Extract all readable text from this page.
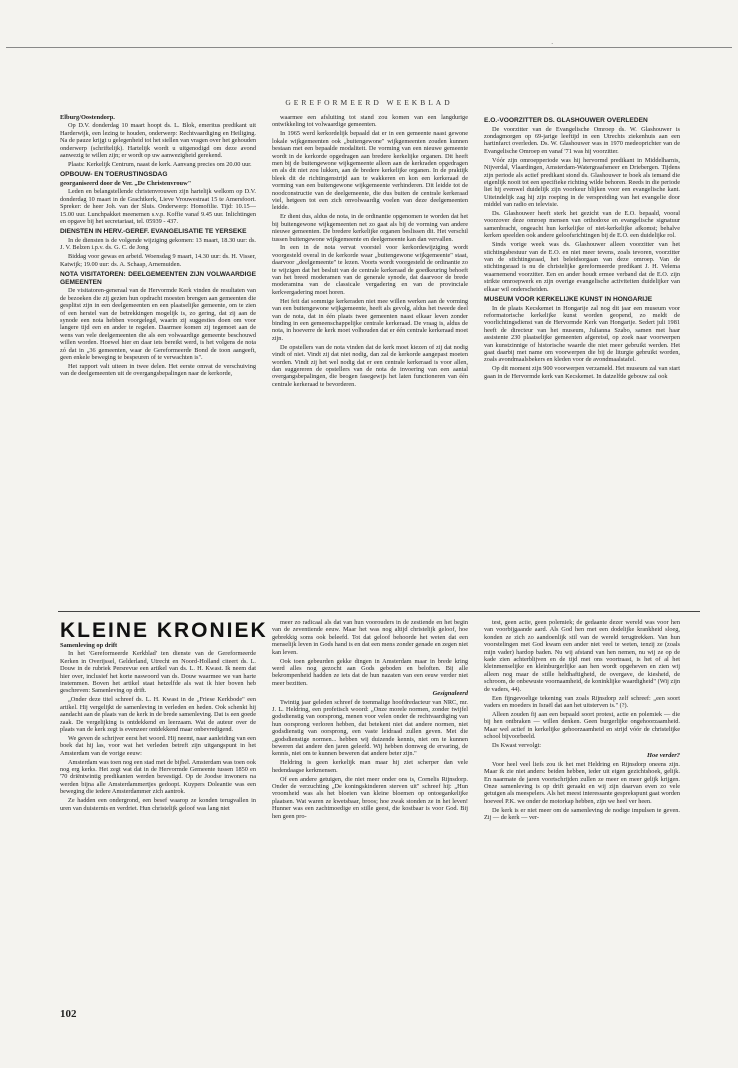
·
GEREFORMEERD WEEKBLAD
Elburg/Oostendorp.

Op D.V. donderdag 10 maart hoopt ds. L. Blok, emeritus predikant uit Harderwijk, een lezing te houden, onderwerp: Rechtvaardiging en Heiliging. Na de pauze krijgt u gelegenheid tot het stellen van vragen over het gehouden onderwerp (schriftelijk). Hartelijk wordt u uitgenodigd om deze avond aanwezig te willen zijn; er wordt op uw aanwezigheid gerekend.

Plaats: Kerkelijk Centrum, naast de kerk. Aanvang precies om 20.00 uur.

OPBOUW- EN TOERUSTINGSDAG
georganiseerd door de Ver. „De Christenvrouw"

Leden en belangstellende christenvrouwen zijn hartelijk welkom op D.V. donderdag 10 maart in de Grachtkerk, Lieve Vrouwestraat 15 te Amersfoort. Spreker: de heer Joh. van der Sluis. Onderwerp: Homofilie. Tijd: 10.15—15.00 uur. Lunchpakket meenemen s.v.p. Koffie vanaf 9.45 uur. Inlichtingen en opgave bij het secretariaat, tel. 05939 - 437.

DIENSTEN IN HERV.-GEREF. EVANGELISATIE TE YERSEKE

In de diensten is de volgende wijziging gekomen: 13 maart, 18.30 uur: ds. J. V. Belzen i.p.v. ds. G. C. de Jong

Biddag voor gewas en arbeid. Woensdag 9 maart, 14.30 uur: ds. H. Visser, Katwijk; 19.00 uur: ds. A. Schaap, Arnemuiden.

NOTA VISITATOREN: DEELGEMEENTEN ZIJN VOLWAARDIGE GEMEENTEN

De visitatoren-generaal van de Hervormde Kerk vinden de resultaten van de bezoeken die zij gezien hun opdracht moesten brengen aan gemeenten die gesplitst zijn in een deelgemeenten en een plaatselijke gemeente, om te zien of een herstel van de betrekkingen mogelijk is, zo gering, dat zij aan de synode een nota hebben voorgelegd, waarin zij suggesties doen om voor langere tijd een en ander te regelen. Daarmee komen zij tegemoet aan de wens van vele deelgemeenten die als een volwaardige gemeente beschouwd willen worden. Hoewel hier en daar iets bereikt werd, is het volgens de nota zó dat in „36 gemeenten, waar de Gereformeerde Bond de toon aangeeft, geen enkele beweging te bespeuren of te verwachten is".

Het rapport valt uiteen in twee delen. Het eerste omvat de verschuiving van de deelgemeenten uit de overgangsbepalingen naar de kerkorde,

waarmee een afsluiting tot stand zou komen van een langdurige ontwikkeling tot volwaardige gemeenten.

In 1965 werd kerkordelijk bepaald dat er in een gemeente naast gewone lokale wijkgemeenten ook „buitengewone" wijkgemeenten zouden kunnen bestaan met een bepaalde modaliteit. De vorming van een nieuwe gemeente wordt in de kerkorde opgedragen aan bredere kerkelijke organen. Dit heeft men bij de buitengewone wijkgemeente alleen aan de kerkraden opgedragen en als dit niet zou lukken, aan de bredere kerkelijke organen. In de praktijk bleek dit de richtingenstrijd aan te wakkeren en kon een kerkeraad de vorming van een buitengewone wijkgemeente verhinderen. Dit leidde tot de noodconstructie van de deelgemeente, die dus buiten de centrale kerkeraad viel, hetgeen tot een zich onvolwaardig voelen van deze deelgemeenten leidde.

Er dient dus, aldus de nota, in de ordinantie opgenomen te worden dat het bij buitengewone wijkgemeenten net zo gaat als bij de vorming van andere nieuwe gemeenten. De bredere kerkelijke organen beslissen dit. Het verschil tussen buitengewone wijkgemeente en deelgemeente kan dan vervallen.

In een in de nota vervat voorstel voor kerkordewijziging wordt voorgesteld overal in de kerkorde waar „buitengewone wijkgemeente" staat, daarvoor „deelgemeente" te lezen. Voorts wordt voorgesteld de ordinantie zo te wijzigen dat het besluit van de centrale kerkeraad de goedkeuring behoeft van het breed moderamen van de generale synode, dat daarvoor de brede moderamina van de classicale vergadering en van de provinciale kerkvergadering moet horen.

Het feit dat sommige kerkeraden niet mee willen werken aan de vorming van een buitengewone wijkgemeente, heeft als gevolg, aldus het tweede deel van de nota, dat in één plaats twee gemeenten naast elkaar leven zonder binding in een gemeenschappelijke centrale kerkeraad. De vraag is, aldus de nota, in hoeverre de kerk moet volhouden dat er één centrale kerkeraad moet zijn.

De opstellers van de nota vinden dat de kerk moet kiezen of zij dat nodig vindt of niet. Vindt zij dat niet nodig, dan zal de kerkorde aangepast moeten worden. Vindt zij het wel nodig dat er een centrale kerkeraad is voor allen, dan suggereren de opstellers van de nota de invoering van een aantal overgangsbepalingen, die beogen fasegewijs het laten functioneren van één centrale kerkeraad te bevorderen.

E.O.-VOORZITTER DS. GLASHOUWER OVERLEDEN

De voorzitter van de Evangelische Omroep ds. W. Glashouwer is zondagmorgen op 69-jarige leeftijd in een Utrechts ziekenhuis aan een hartinfarct overleden. Ds. W. Glashouwer was in 1970 medeoprichter van de Evangelische Omroep en vanaf '71 was hij voorzitter.

Vóór zijn omroepperiode was hij hervormd predikant in Middelharnis, Nijverdal, Vlaardingen, Amsterdam-Watergraafsmeer en Driebergen. Tijdens zijn periode als actief predikant stond ds. Glashouwer te boek als iemand die eigenlijk nooit tot een specifieke richting wilde behoren. Reeds in die periode liet hij evenwel duidelijk zijn voorkeur blijken voor een evangelische kant. Uiteindelijk zag hij zijn roeping in de verspreiding van het evangelie door middel van radio en televisie.

Ds. Glashouwer heeft sterk het gezicht van de E.O. bepaald, vooral voorzover deze omroep mensen van orthodoxe en evangelische signatuur samenbracht, ongeacht hun kerkelijke of niet-kerkelijke afkomst; behalve kerken speelden ook andere geloofsrichtingen bij de E.O. een duidelijke rol.

Sinds vorige week was ds. Glashouwer alleen voorzitter van het stichtingsbestuur van de E.O. en niet meer tevens, zoals tevoren, voorzitter van de stichtingsraad, het beleidsorgaan van deze omroep. Van de stichtingsraad is nu de christelijke gereformeerde predikant J. H. Velema waarnemend voorzitter. Een en ander houdt ermee verband dat de E.O. zijn strikte omroepwerk en zijn overige evangelische activiteiten duidelijker van elkaar wil onderscheiden.

MUSEUM VOOR KERKELIJKE KUNST IN HONGARIJE

In de plaats Kecskemet in Hongarije zal nog dit jaar een museum voor reformatorische kerkelijke kunst worden geopend, zo meldt de voorlichtingsdienst van de Hervormde Kerk van Hongarije. Sedert juli 1981 heeft de directeur van het museum, Julianna Szabo, samen met haar assistente 230 plaatselijke gemeenten afgereisd, op zoek naar voorwerpen van kunstzinnige of historische waarde die niet meer gebruikt werden. Het gaat daarbij met name om voorwerpen die bij de liturgie gebruikt worden, zoals avondmaalsbekers en kleden voor de avondmaalstafel.

Op dit moment zijn 900 voorwerpen verzameld. Het museum zal van start gaan in de Hervormde kerk van Kecskemet. In datzelfde gebouw zal ook

KLEINE KRONIEK
Samenleving op drift

In het 'Gereformeerde Kerkblad' ten dienste van de Gereformeerde Kerken in Overijssel, Gelderland, Utrecht en Noord-Holland citeert ds. L. Douw in de rubriek Persrevue een artikel van ds. L. H. Kwast. Ik neem dat hier over, inclusief het korte naswoord van ds. Douw waarmee we van harte instemmen. Boven het artikel staat hetzelfde als wat ik hier boven heb geschreven: Samenleving op drift.

„Onder deze titel schreef ds. L. H. Kwast in de „Friese Kerkbode" een artikel. Hij vergelijkt de samenleving in verleden en heden. Ook schenkt hij aandacht aan de plaats van de kerk in de brede samenleving. Dat is een goede zaak. De vergelijking is ontdekkend en leerzaam. Wat de auteur over de plaats van de kerk zegt is evenzeer ontdekkend maar onbevredigend.

We geven de schrijver eerst het woord. Hij neemt, naar aanleiding van een boek dat hij las, voor wat het verleden betreft zijn uitgangspunt in het Amsterdam van de vorige eeuw:

Amsterdam was toen nog een stad met de bijbel. Amsterdam was toen ook nog erg kerks. Het zegt wat dat in de Hervormde Gemeente tussen 1850 en '70 driëntwintig predikanten werden bevestigd. Op de Joodse inwoners na werden bijna alle Amsterdammertjes gedoopt. Kuypers Doleantie was een beweging die iedere Amsterdammer zich aantrok.

Ze hadden een ondergrond, een besef waarop ze konden terugvallen in uren van duisternis en verdriet. Hun christelijk geloof was lang niet

meer zo radicaal als dat van hun voorouders in de zestiende en het begin van de zeventiende eeuw. Maar het was nog altijd christelijk geloof, hoe gebrekkig soms ook beleefd. Tot dat geloof behoorde het weten dat een menselijk leven in Gods hand is en dat een mens zonder genade en zegen niet kan leven.

Ook toen gebeurden gekke dingen in Amsterdam maar in brede kring werd alles nog gezocht aan Gods geboden en beloften. Bij alle bekrompenheid hadden ze iets dat de hun nazaten van een eeuw verder niet meer bezitten.

Gesignaleerd

Twintig jaar geleden schreef de toenmalige hoofdredacteur van NRC, mr. J. L. Heldring, een profetisch woord: „Onze morele normen, zonder twijfel godsdienstig van oorsprong, menen voor velen onder de rechtvaardiging van hun oorsprong verloren hebben, dat betekent niet dat andere normen, niet godsdienstig van oorsprong, een vaste leidraad zullen geven. Met die „godsdienstige normen... hebben wij duizende kennis, niet om te kunnen beweren dat andere den jaren geleefd. Wij hebben domweg de ervaring, de kennis, niet om te kunnen beweren dat andere beter zijn."

Heldring is geen kerkelijk man maar hij ziet scherper dan vele hedendaagse kerkmensen.

Of een andere getuigen, die niet meer onder ons is, Cornelis Rijnsdorp. Onder de verzuchting „De koningskinderen sterven uit" schreef hij: „Hun vroomheid was als het bloeien van kleine bloemen op ontoegankelijke plaatsen. Wat waren ze kwetsbaar, broos; hoe zwak stonden ze in het leven! Hunner was een zachtmoedige en stille geest, die kostbaar is voor God. Bij hen geen pro-

test, geen actie, geen polemiek; de gedaante dezer wereld was voor hen van voorbijgaande aard. Als God hen met een dodelijke krankheid sloeg, konden ze zich zo aandoenlijk stil van de wereld terugtrekken. Van hun voorstelingen met God kwam een ander niet veel te weten, tenzij ze (zoals mijn vader) hardop baden. Nu wij afstand van hen nemen, nu wij ze op de kade zien achterblijven en de tijd met ons voortraast, is het of al het kleinmenselijke en kleinburgerlijke aan hen wordt opgeheven en zien wij alleen nog maar de stille heldhaftigheid, de overgave, de kiesheid, de schroom, de onbewuste voornaamheid, de koninklijke waardigheid" (Wij zijn de vaders, 44).

Een fijngevoelige tekening van zoals Rijnsdorp zelf schreef: „een soort vaders en moeders in Israël dat aan het uitsterven is." (?).

Alleen zouden fij aan een bepaald soort protest, actie en polemiek — die bij hen ontbraken — willen denken. Geen burgerlijke ongehoorzaamheid. Maar wel actief in kerkelijke gehoorzaamheid en strijd vóór de christelijke school bijvoorbeeld.

Ds Kwast vervolgt:

Hoe verder?

Voor heel veel liefs zou ik het met Heldring en Rijnsdorp oneens zijn. Maar ik zie niet anders: beiden hebben, ieder uit eigen gezichtshoek, gelijk. En naarmate de jaren voortschrijden zullen ze meer en meer gelijk krijgen. Onze samenleving is op drift geraakt en wij zijn daarvan even zo vele getuigen als meespelers. Als het meest interessante gesprekspunt gaat worden hoeveel P.K. we onder de motorkap hebben, zijn we heel ver heen.

De kerk is er niet meer om de samenleving de nodige impulsen te geven. Zij — de kerk — ver-

102
